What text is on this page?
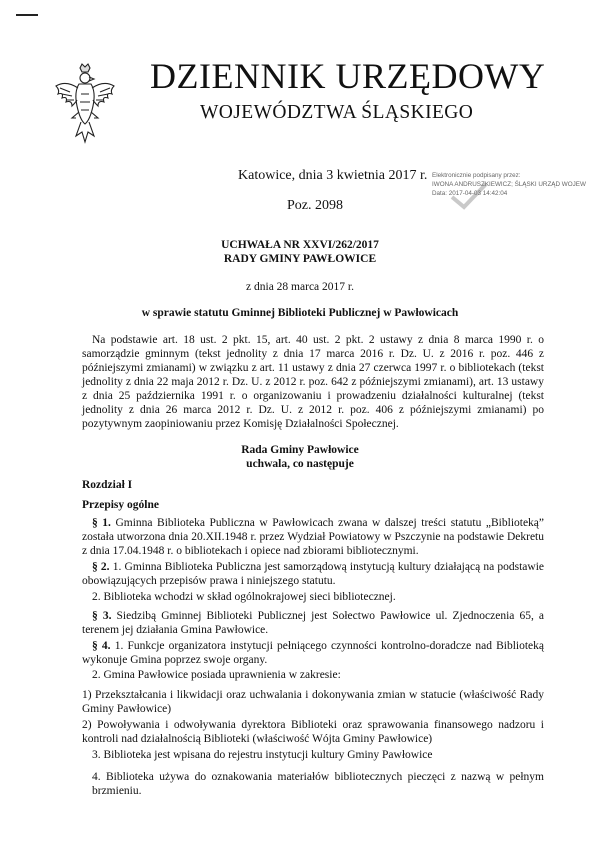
DZIENNIK URZĘDOWY
WOJEWÓDZTWA ŚLĄSKIEGO
Katowice, dnia 3 kwietnia 2017 r.
Poz. 2098
Elektronicznie podpisany przez:
IWONA ANDRUSZKIEWICZ; ŚLĄSKI URZĄD WOJEW
Data: 2017-04-03 14:42:04
UCHWAŁA NR XXVI/262/2017
RADY GMINY PAWŁOWICE
z dnia 28 marca 2017 r.
w sprawie statutu Gminnej Biblioteki Publicznej w Pawłowicach
Na podstawie art. 18 ust. 2 pkt. 15, art. 40 ust. 2 pkt. 2 ustawy z dnia 8 marca 1990 r. o samorządzie gminnym (tekst jednolity z dnia 17 marca 2016 r. Dz. U. z 2016 r. poz. 446 z późniejszymi zmianami) w związku z art. 11 ustawy z dnia 27 czerwca 1997 r. o bibliotekach (tekst jednolity z dnia 22 maja 2012 r. Dz. U. z 2012 r. poz. 642 z późniejszymi zmianami), art. 13 ustawy z dnia 25 października 1991 r. o organizowaniu i prowadzeniu działalności kulturalnej (tekst jednolity z dnia 26 marca 2012 r. Dz. U. z 2012 r. poz. 406 z późniejszymi zmianami) po pozytywnym zaopiniowaniu przez Komisję Działalności Społecznej.
Rada Gminy Pawłowice
uchwala, co następuje
Rozdział I
Przepisy ogólne
§ 1. Gminna Biblioteka Publiczna w Pawłowicach zwana w dalszej treści statutu „Biblioteką” została utworzona dnia 20.XII.1948 r. przez Wydział Powiatowy w Pszczynie na podstawie Dekretu z dnia 17.04.1948 r. o bibliotekach i opiece nad zbiorami bibliotecznymi.
§ 2. 1. Gminna Biblioteka Publiczna jest samorządową instytucją kultury działającą na podstawie obowiązujących przepisów prawa i niniejszego statutu.
2. Biblioteka wchodzi w skład ogólnokrajowej sieci bibliotecznej.
§ 3. Siedzibą Gminnej Biblioteki Publicznej jest Sołectwo Pawłowice ul. Zjednoczenia 65, a terenem jej działania Gmina Pawłowice.
§ 4. 1. Funkcje organizatora instytucji pełniącego czynności kontrolno-doradcze nad Biblioteką wykonuje Gmina poprzez swoje organy.
2. Gmina Pawłowice posiada uprawnienia w zakresie:
1) Przekształcania i likwidacji oraz uchwalania i dokonywania zmian w statucie (właściwość Rady Gminy Pawłowice)
2) Powoływania i odwoływania dyrektora Biblioteki oraz sprawowania finansowego nadzoru i kontroli nad działalnością Biblioteki (właściwość Wójta Gminy Pawłowice)
3. Biblioteka jest wpisana do rejestru instytucji kultury Gminy Pawłowice
4. Biblioteka używa do oznakowania materiałów bibliotecznych pieczęci z nazwą w pełnym brzmieniu.
